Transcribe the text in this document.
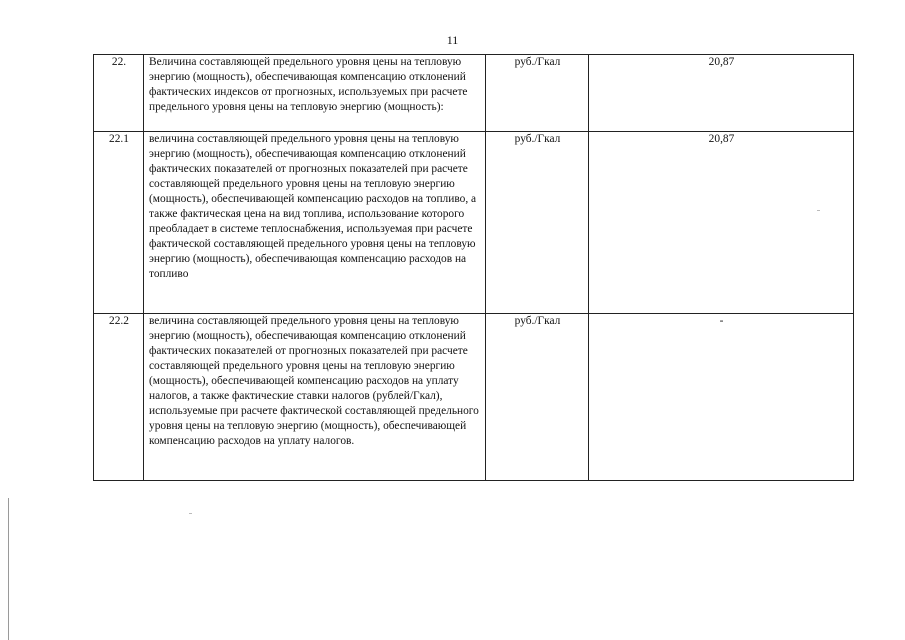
11
22.	Величина составляющей предельного уровня цены на тепловую энергию (мощность), обеспечивающая компенсацию отклонений фактических индексов от прогнозных, используемых при расчете предельного уровня цены на тепловую энергию (мощность):	руб./Гкал	20,87
22.1	величина составляющей предельного уровня цены на тепловую энергию (мощность), обеспечивающая компенсацию отклонений фактических показателей от прогнозных показателей при расчете составляющей предельного уровня цены на тепловую энергию (мощность), обеспечивающей компенсацию расходов на топливо, а также фактическая цена на вид топлива, использование которого преобладает в системе теплоснабжения, используемая при расчете фактической составляющей предельного уровня цены на тепловую энергию (мощность), обеспечивающая компенсацию расходов на топливо	руб./Гкал	20,87
22.2	величина составляющей предельного уровня цены на тепловую энергию (мощность), обеспечивающая компенсацию отклонений фактических показателей от прогнозных показателей при расчете составляющей предельного уровня цены на тепловую энергию (мощность), обеспечивающей компенсацию расходов на уплату налогов, а также фактические ставки налогов (рублей/Гкал), используемые при расчете фактической составляющей предельного уровня цены на тепловую энергию (мощность), обеспечивающей компенсацию расходов на уплату налогов.	руб./Гкал	-
